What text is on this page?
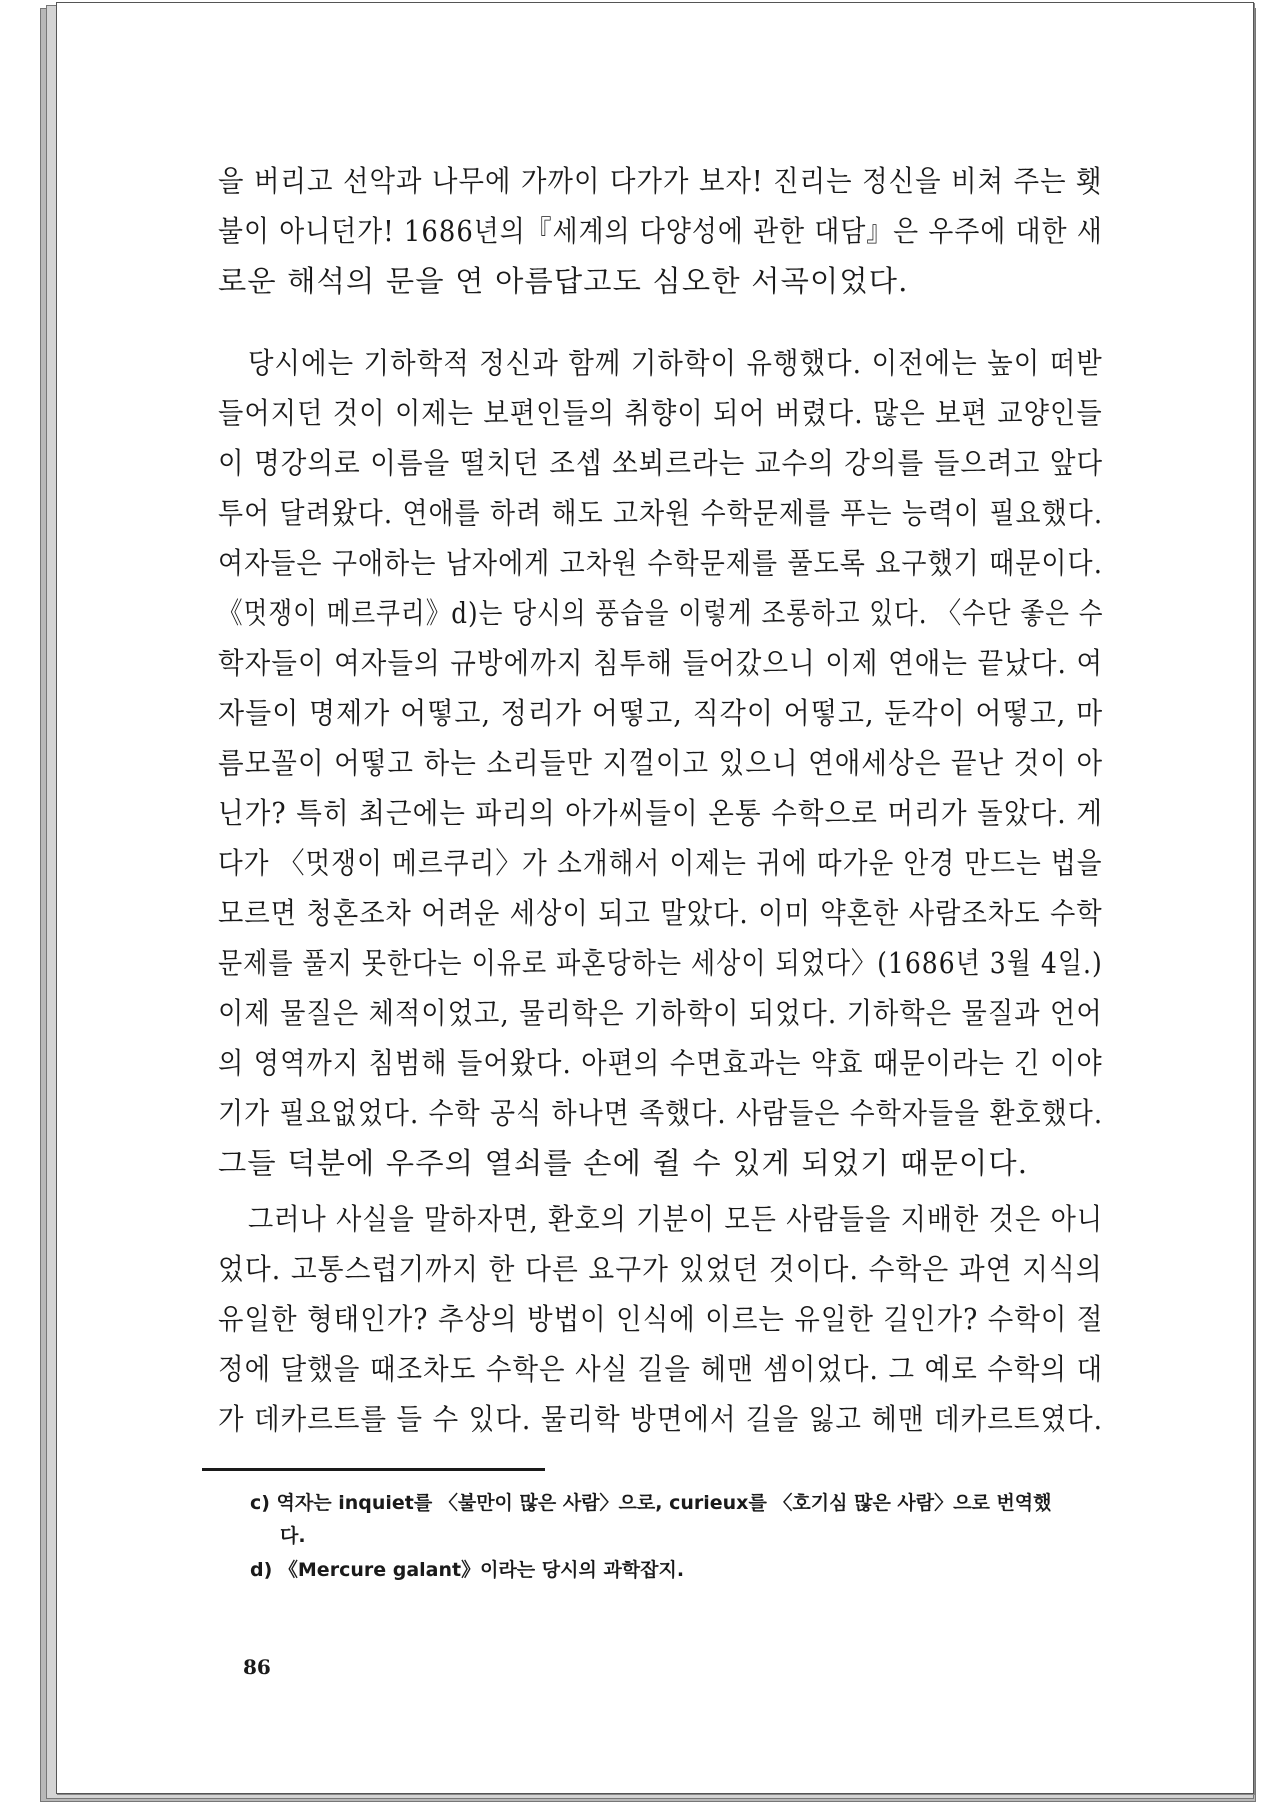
을 버리고 선악과 나무에 가까이 다가가 보자! 진리는 정신을 비쳐 주는 횃
불이 아니던가! 1686년의『세계의 다양성에 관한 대담』은 우주에 대한 새
로운 해석의 문을 연 아름답고도 심오한 서곡이었다.
당시에는 기하학적 정신과 함께 기하학이 유행했다. 이전에는 높이 떠받
들어지던 것이 이제는 보편인들의 취향이 되어 버렸다. 많은 보편 교양인들
이 명강의로 이름을 떨치던 조셉 쏘뵈르라는 교수의 강의를 들으려고 앞다
투어 달려왔다. 연애를 하려 해도 고차원 수학문제를 푸는 능력이 필요했다.
여자들은 구애하는 남자에게 고차원 수학문제를 풀도록 요구했기 때문이다.
《멋쟁이 메르쿠리》d)는 당시의 풍습을 이렇게 조롱하고 있다. 〈수단 좋은 수
학자들이 여자들의 규방에까지 침투해 들어갔으니 이제 연애는 끝났다. 여
자들이 명제가 어떻고, 정리가 어떻고, 직각이 어떻고, 둔각이 어떻고, 마
름모꼴이 어떻고 하는 소리들만 지껄이고 있으니 연애세상은 끝난 것이 아
닌가? 특히 최근에는 파리의 아가씨들이 온통 수학으로 머리가 돌았다. 게
다가 〈멋쟁이 메르쿠리〉가 소개해서 이제는 귀에 따가운 안경 만드는 법을
모르면 청혼조차 어려운 세상이 되고 말았다. 이미 약혼한 사람조차도 수학
문제를 풀지 못한다는 이유로 파혼당하는 세상이 되었다〉(1686년 3월 4일.)
이제 물질은 체적이었고, 물리학은 기하학이 되었다. 기하학은 물질과 언어
의 영역까지 침범해 들어왔다. 아편의 수면효과는 약효 때문이라는 긴 이야
기가 필요없었다. 수학 공식 하나면 족했다. 사람들은 수학자들을 환호했다.
그들 덕분에 우주의 열쇠를 손에 쥘 수 있게 되었기 때문이다.
그러나 사실을 말하자면, 환호의 기분이 모든 사람들을 지배한 것은 아니
었다. 고통스럽기까지 한 다른 요구가 있었던 것이다. 수학은 과연 지식의
유일한 형태인가? 추상의 방법이 인식에 이르는 유일한 길인가? 수학이 절
정에 달했을 때조차도 수학은 사실 길을 헤맨 셈이었다. 그 예로 수학의 대
가 데카르트를 들 수 있다. 물리학 방면에서 길을 잃고 헤맨 데카르트였다.
c) 역자는 inquiet를 〈불만이 많은 사람〉으로, curieux를 〈호기심 많은 사람〉으로 번역했
다.
d) 《Mercure galant》이라는 당시의 과학잡지.
86
